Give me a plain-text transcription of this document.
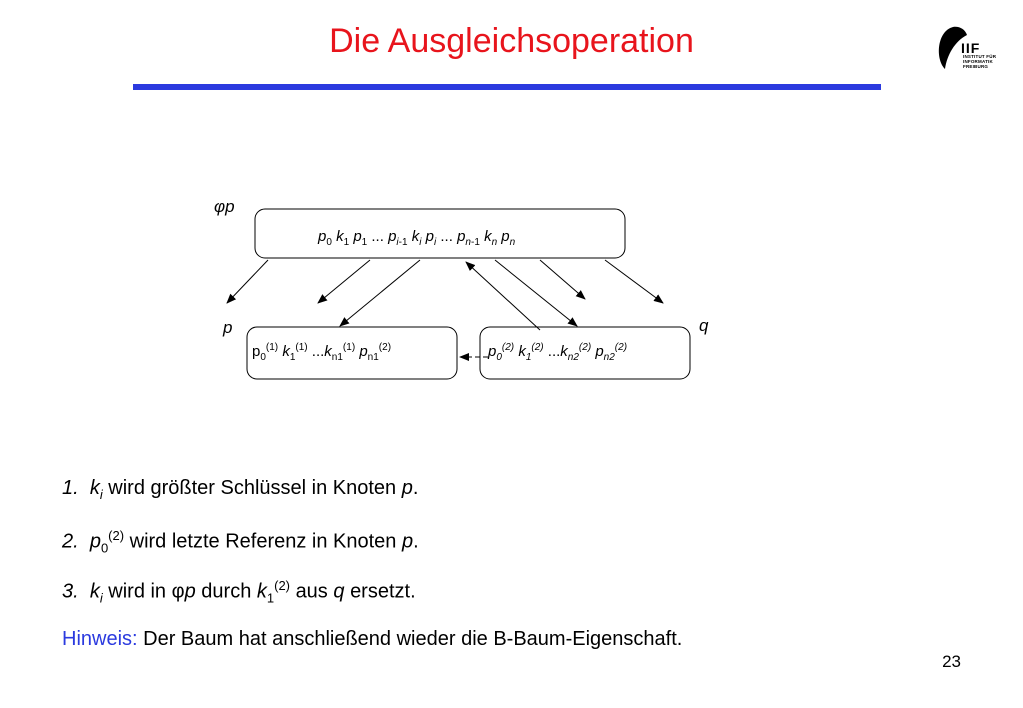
Die Ausgleichsoperation	IIF
INSTITUT FÜR
INFORMATIK
FREIBURG
φp
p	q
$p_0$ $k_1$ $p_1$ ... $p_{i-1}$ $k_i$ $p_i$ ... $p_{n-1}$ $k_n$ $p_n$
$p_0^{(1)}$ $k_1^{(1)}$ $...k_{n1}^{(1)}$ $p_{n1}^{(2)}$	$p_0^{(2)}$ $k_1^{(2)}$ $...k_{n2}^{(2)}$ $p_{n2}^{(2)}$
1. $k_i$ wird größter Schlüssel in Knoten p.
2. $p_0^{(2)}$ wird letzte Referenz in Knoten p.
3. $k_i$ wird in φp durch $k_1^{(2)}$ aus q ersetzt.
Hinweis: Der Baum hat anschließend wieder die B-Baum-Eigenschaft.
23
